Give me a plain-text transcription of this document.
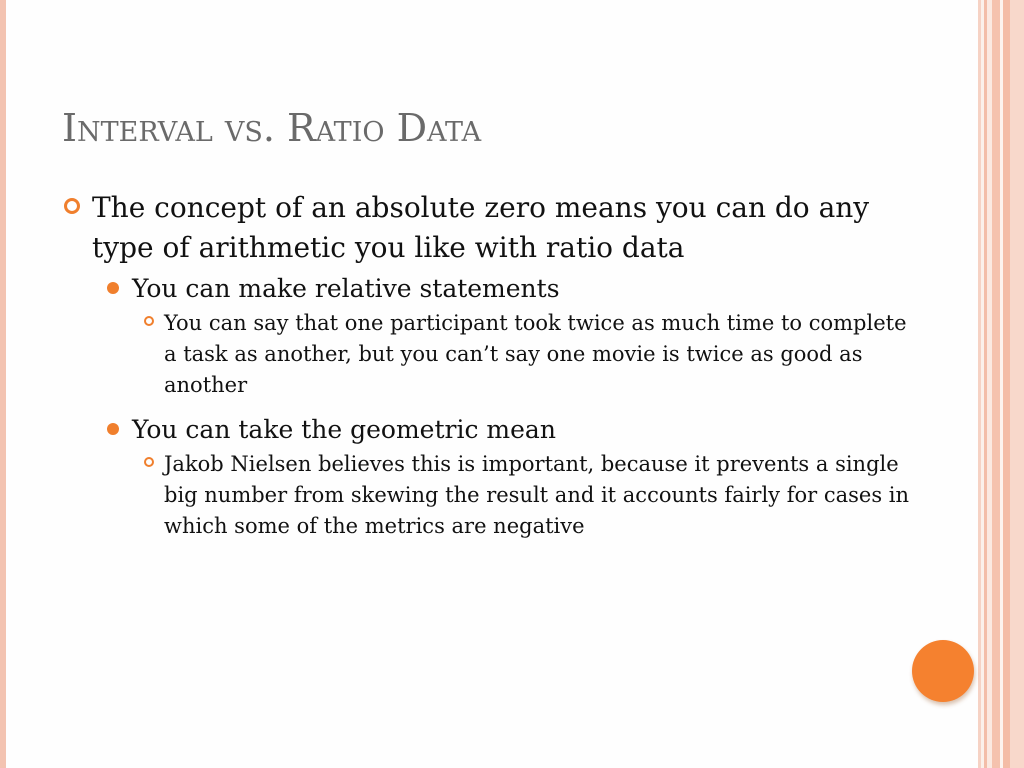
Interval vs. Ratio Data
The concept of an absolute zero means you can do any type of arithmetic you like with ratio data
You can make relative statements
You can say that one participant took twice as much time to complete a task as another, but you can’t say one movie is twice as good as another
You can take the geometric mean
Jakob Nielsen believes this is important, because it prevents a single big number from skewing the result and it accounts fairly for cases in which some of the metrics are negative
